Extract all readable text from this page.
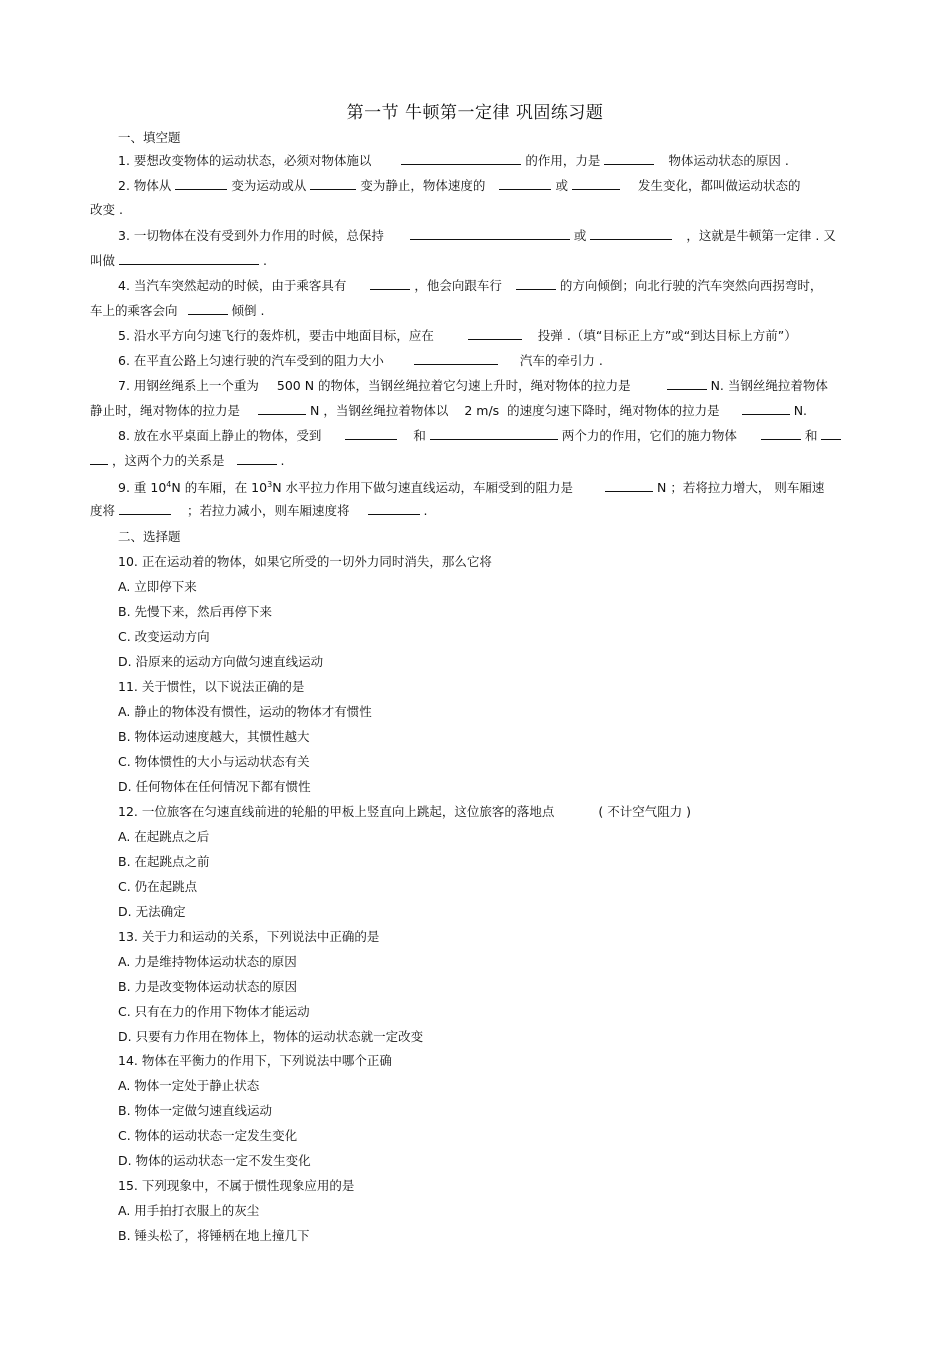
第一节 牛顿第一定律 巩固练习题
一、填空题
1. 要想改变物体的运动状态，必须对物体施以	的作用，力是	物体运动状态的原因 .
2. 物体从	变为运动或从	变为静止，物体速度的	或	发生变化，都叫做运动状态的
改变 .
3. 一切物体在没有受到外力作用的时候，总保持	或	，这就是牛顿第一定律 . 又
叫做	.
4. 当汽车突然起动的时候，由于乘客具有	，他会向跟车行	的方向倾倒；向北行驶的汽车突然向西拐弯时，
车上的乘客会向	倾倒 .
5. 沿水平方向匀速飞行的轰炸机，要击中地面目标，应在	投弹 .（填“目标正上方”或“到达目标上方前”）
6. 在平直公路上匀速行驶的汽车受到的阻力大小	汽车的牵引力 .
7. 用钢丝绳系上一个重为 500 N 的物体，当钢丝绳拉着它匀速上升时，绳对物体的拉力是	N. 当钢丝绳拉着物体
静止时，绳对物体的拉力是	N ，当钢丝绳拉着物体以 2 m/s 的速度匀速下降时，绳对物体的拉力是	N.
8. 放在水平桌面上静止的物体，受到	和	两个力的作用，它们的施力物体	和
，这两个力的关系是	.
9. 重 $10^4N$ 的车厢，在 $10^3N$ 水平拉力作用下做匀速直线运动，车厢受到的阻力是	N ；若将拉力增大， 则车厢速
度将	；若拉力减小，则车厢速度将	.
二、选择题
10. 正在运动着的物体，如果它所受的一切外力同时消失，那么它将
A. 立即停下来
B. 先慢下来，然后再停下来
C. 改变运动方向
D. 沿原来的运动方向做匀速直线运动
11. 关于惯性，以下说法正确的是
A. 静止的物体没有惯性，运动的物体才有惯性
B. 物体运动速度越大，其惯性越大
C. 物体惯性的大小与运动状态有关
D. 任何物体在任何情况下都有惯性
12. 一位旅客在匀速直线前进的轮船的甲板上竖直向上跳起，这位旅客的落地点	( 不计空气阻力 )
A. 在起跳点之后
B. 在起跳点之前
C. 仍在起跳点
D. 无法确定
13. 关于力和运动的关系，下列说法中正确的是
A. 力是维持物体运动状态的原因
B. 力是改变物体运动状态的原因
C. 只有在力的作用下物体才能运动
D. 只要有力作用在物体上，物体的运动状态就一定改变
14. 物体在平衡力的作用下，下列说法中哪个正确
A. 物体一定处于静止状态
B. 物体一定做匀速直线运动
C. 物体的运动状态一定发生变化
D. 物体的运动状态一定不发生变化
15. 下列现象中，不属于惯性现象应用的是
A. 用手拍打衣服上的灰尘
B. 锤头松了，将锤柄在地上撞几下
